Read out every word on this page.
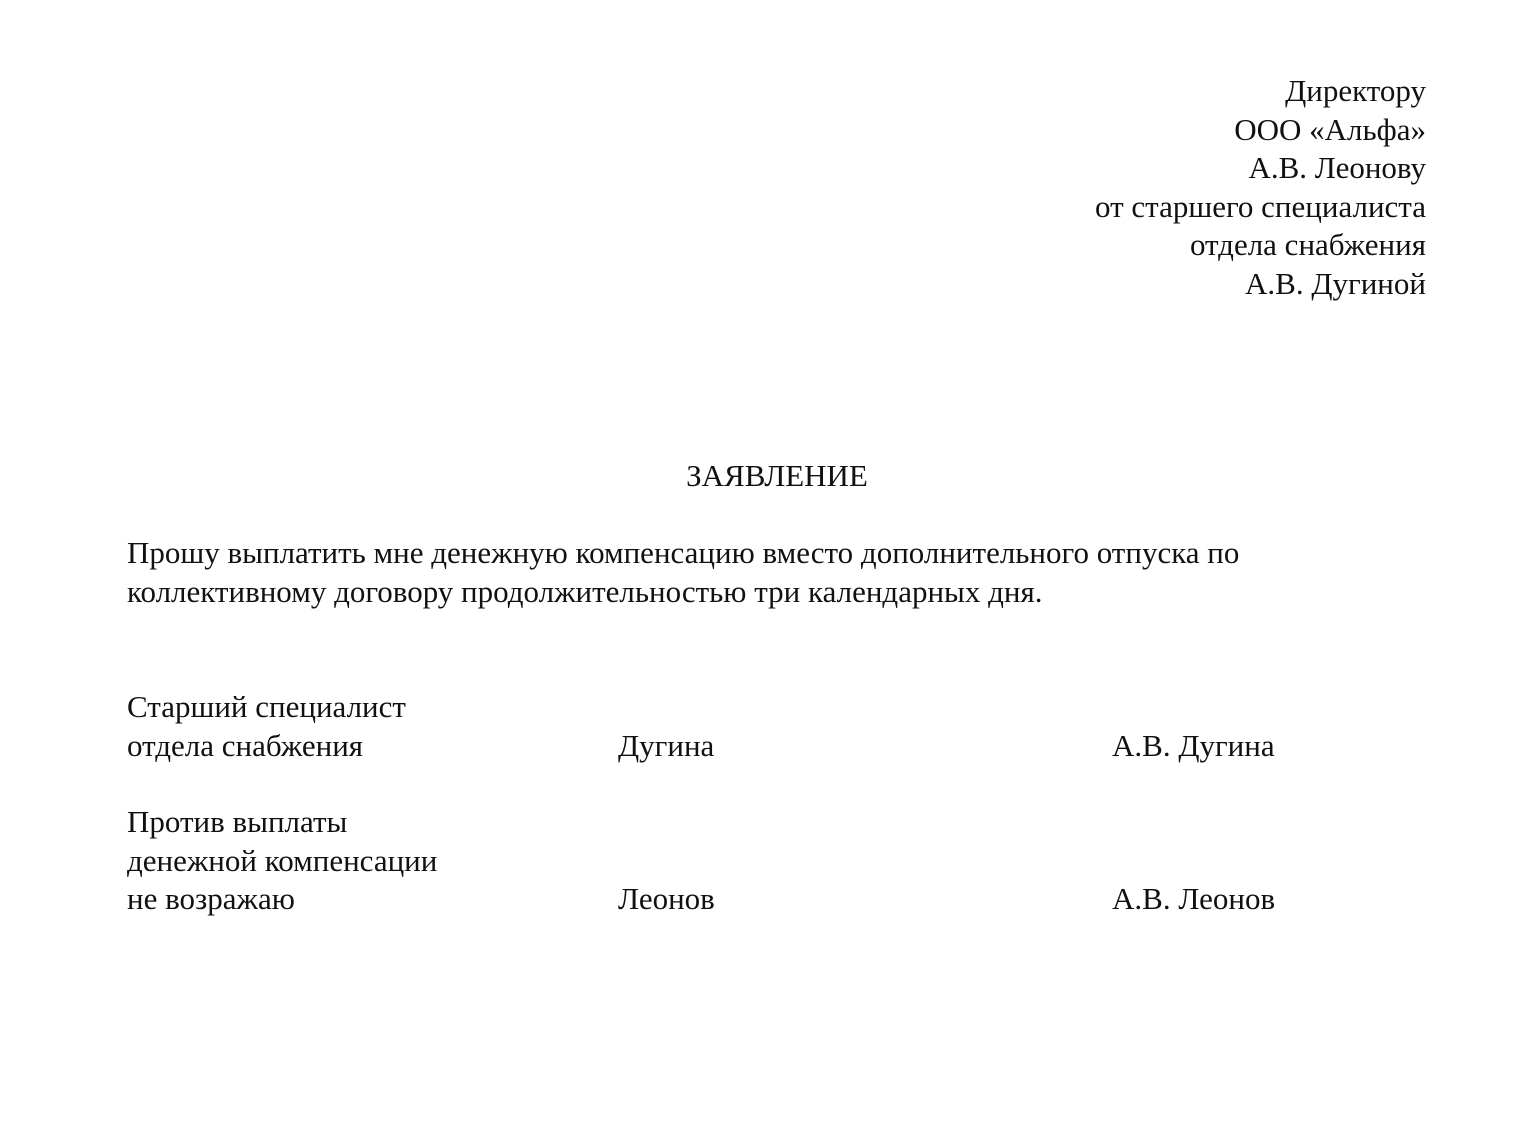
Директору
ООО «Альфа»
А.В. Леонову
от старшего специалиста
отдела снабжения
А.В. Дугиной
ЗАЯВЛЕНИЕ
Прошу выплатить мне денежную компенсацию вместо дополнительного отпуска по
коллективному договору продолжительностью три календарных дня.
Старший специалист
отдела снабжения	Дугина	А.В. Дугина
Против выплаты
денежной компенсации
не возражаю	Леонов	А.В. Леонов
